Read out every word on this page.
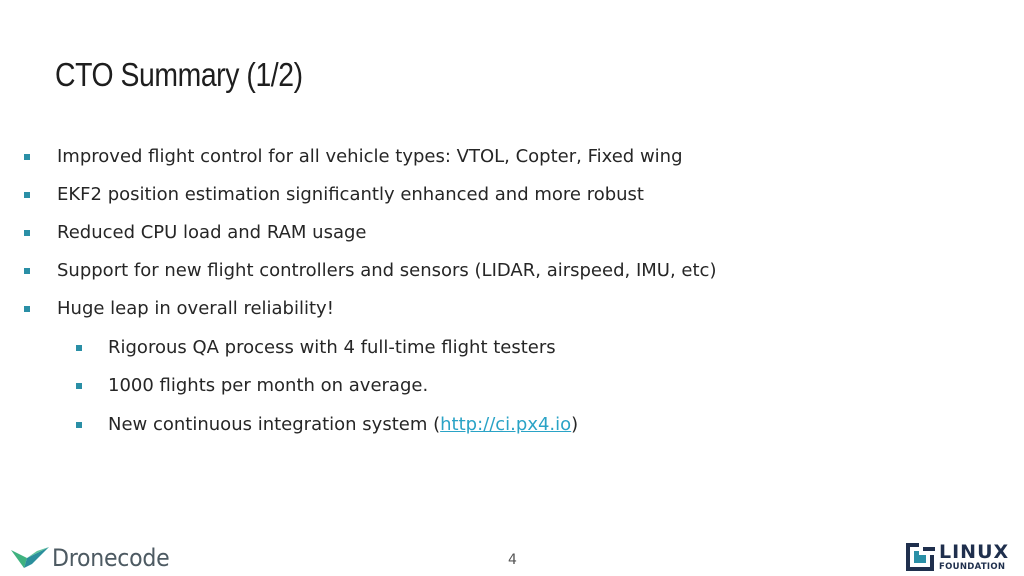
CTO Summary (1/2)
Improved flight control for all vehicle types: VTOL, Copter, Fixed wing
EKF2 position estimation significantly enhanced and more robust
Reduced CPU load and RAM usage
Support for new flight controllers and sensors (LIDAR, airspeed, IMU, etc)
Huge leap in overall reliability!
Rigorous QA process with 4 full-time flight testers
1000 flights per month on average.
New continuous integration system (http://ci.px4.io)
Dronecode	4	LINUX
FOUNDATION
